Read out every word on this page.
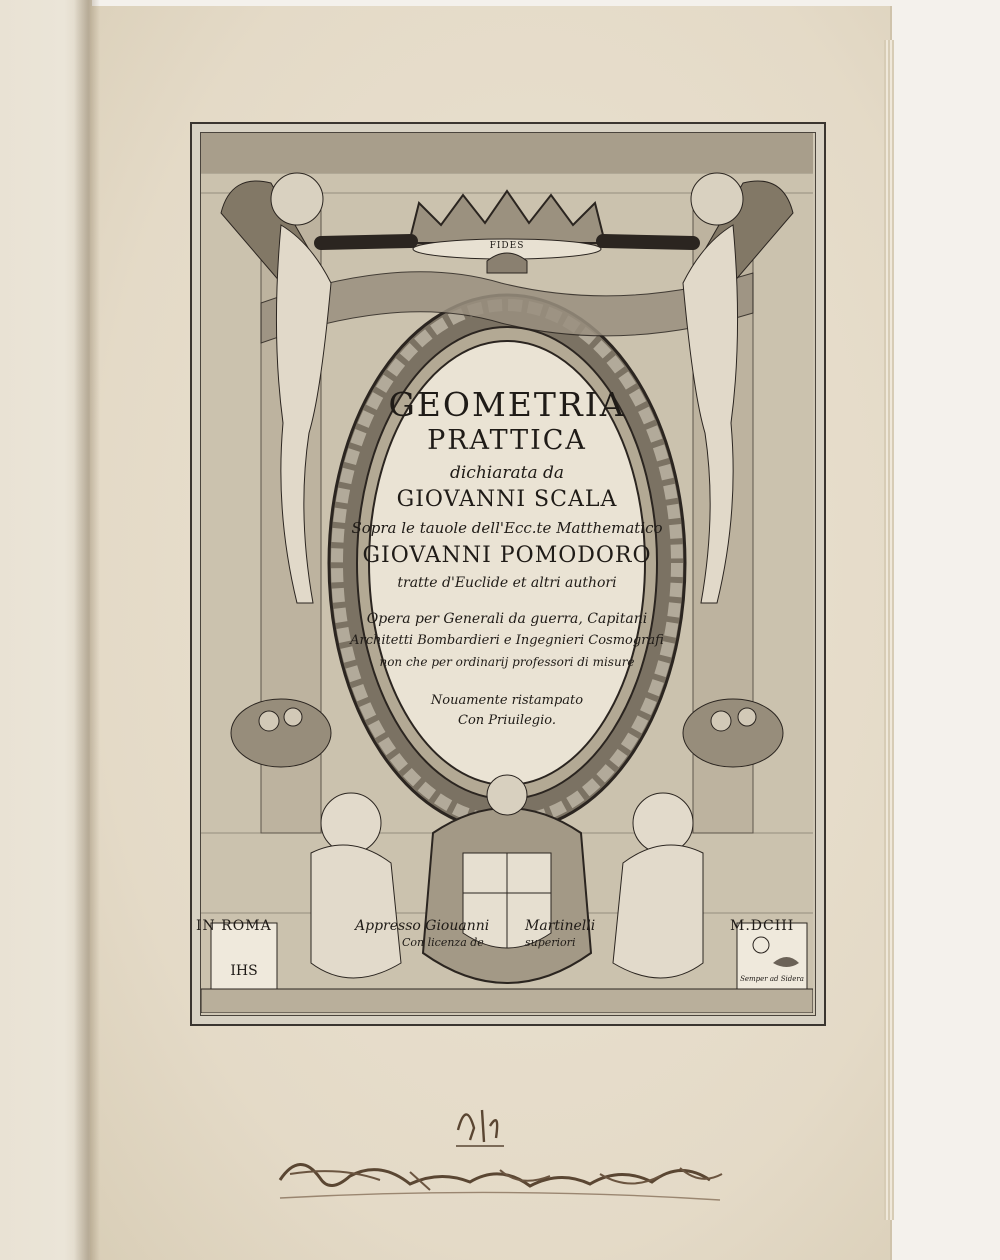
FIDES
GEOMETRIA
PRATTICA
dichiarata da
GIOVANNI SCALA
Sopra le tauole dell'Ecc.te Matthematico
GIOVANNI POMODORO
tratte d'Euclide et altri authori
Opera per Generali da guerra, Capitani
Architetti Bombardieri e Ingegnieri Cosmografi
non che per ordinarij professori di misure
Nouamente ristampato
Con Priuilegio.
IHS	Semper ad Sidera
IN ROMA	Appresso Giouanni	Martinelli	M.DCIII
Con licenza de	superiori
